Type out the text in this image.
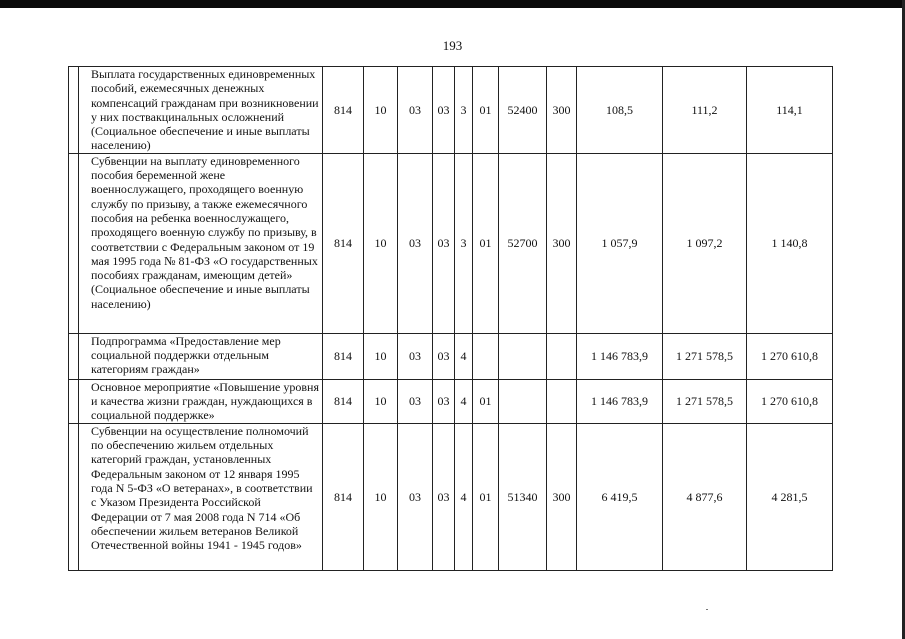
193
	Выплата государственных единовременных пособий, ежемесячных денежных компенсаций гражданам при возникновении у них поствакцинальных осложнений (Социальное обеспечение и иные выплаты населению)	814	10	03	03	3	01	52400	300	108,5	111,2	114,1
	Субвенции на выплату единовременного пособия беременной жене военнослужащего, проходящего военную службу по призыву, а также ежемесячного пособия на ребенка военнослужащего, проходящего военную службу по призыву, в соответствии с Федеральным законом от 19 мая 1995 года № 81-ФЗ «О государственных пособиях гражданам, имеющим детей» (Социальное обеспечение и иные выплаты населению)	814	10	03	03	3	01	52700	300	1 057,9	1 097,2	1 140,8
	Подпрограмма «Предоставление мер социальной поддержки отдельным категориям граждан»	814	10	03	03	4				1 146 783,9	1 271 578,5	1 270 610,8
	Основное мероприятие «Повышение уровня и качества жизни граждан, нуждающихся в социальной поддержке»	814	10	03	03	4	01			1 146 783,9	1 271 578,5	1 270 610,8
	Субвенции на осуществление полномочий по обеспечению жильем отдельных категорий граждан, установленных Федеральным законом от 12 января 1995 года N 5-ФЗ «О ветеранах», в соответствии с Указом Президента Российской Федерации от 7 мая 2008 года N 714 «Об обеспечении жильем ветеранов Великой Отечественной войны 1941 - 1945 годов»	814	10	03	03	4	01	51340	300	6 419,5	4 877,6	4 281,5
